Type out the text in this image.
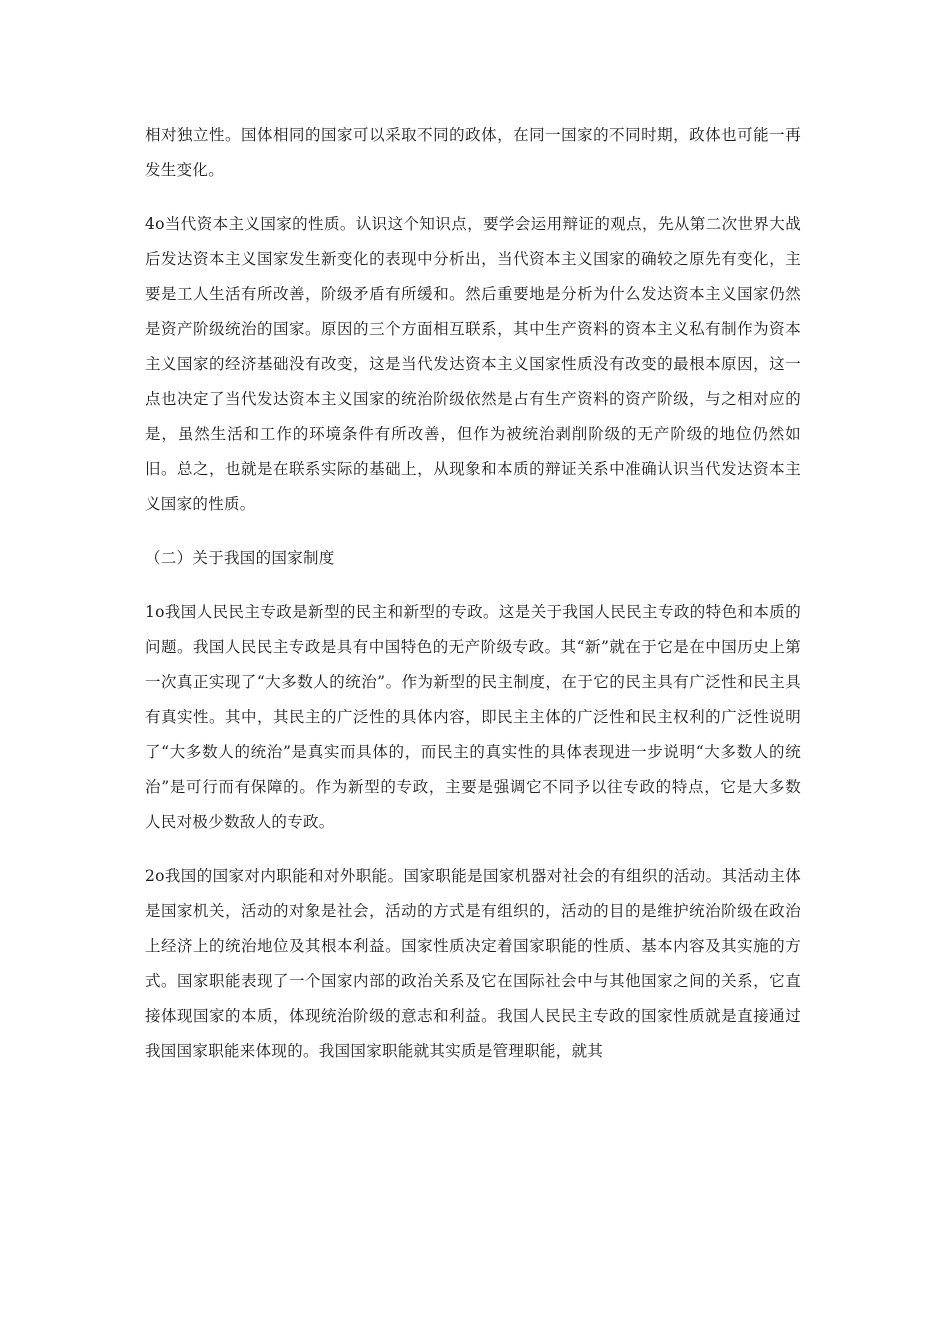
相对独立性。国体相同的国家可以采取不同的政体，在同一国家的不同时期，政体也可能一再发生变化。

4o当代资本主义国家的性质。认识这个知识点，要学会运用辩证的观点，先从第二次世界大战后发达资本主义国家发生新变化的表现中分析出，当代资本主义国家的确较之原先有变化，主要是工人生活有所改善，阶级矛盾有所缓和。然后重要地是分析为什么发达资本主义国家仍然是资产阶级统治的国家。原因的三个方面相互联系，其中生产资料的资本主义私有制作为资本主义国家的经济基础没有改变，这是当代发达资本主义国家性质没有改变的最根本原因，这一点也决定了当代发达资本主义国家的统治阶级依然是占有生产资料的资产阶级，与之相对应的是，虽然生活和工作的环境条件有所改善，但作为被统治剥削阶级的无产阶级的地位仍然如旧。总之，也就是在联系实际的基础上，从现象和本质的辩证关系中准确认识当代发达资本主义国家的性质。

（二）关于我国的国家制度

1o我国人民民主专政是新型的民主和新型的专政。这是关于我国人民民主专政的特色和本质的问题。我国人民民主专政是具有中国特色的无产阶级专政。其“新”就在于它是在中国历史上第一次真正实现了“大多数人的统治”。作为新型的民主制度，在于它的民主具有广泛性和民主具有真实性。其中，其民主的广泛性的具体内容，即民主主体的广泛性和民主权利的广泛性说明了“大多数人的统治”是真实而具体的，而民主的真实性的具体表现进一步说明“大多数人的统治”是可行而有保障的。作为新型的专政，主要是强调它不同予以往专政的特点，它是大多数人民对极少数敌人的专政。

2o我国的国家对内职能和对外职能。国家职能是国家机器对社会的有组织的活动。其活动主体是国家机关，活动的对象是社会，活动的方式是有组织的，活动的目的是维护统治阶级在政治上经济上的统治地位及其根本利益。国家性质决定着国家职能的性质、基本内容及其实施的方式。国家职能表现了一个国家内部的政治关系及它在国际社会中与其他国家之间的关系，它直接体现国家的本质，体现统治阶级的意志和利益。我国人民民主专政的国家性质就是直接通过我国国家职能来体现的。我国国家职能就其实质是管理职能，就其
